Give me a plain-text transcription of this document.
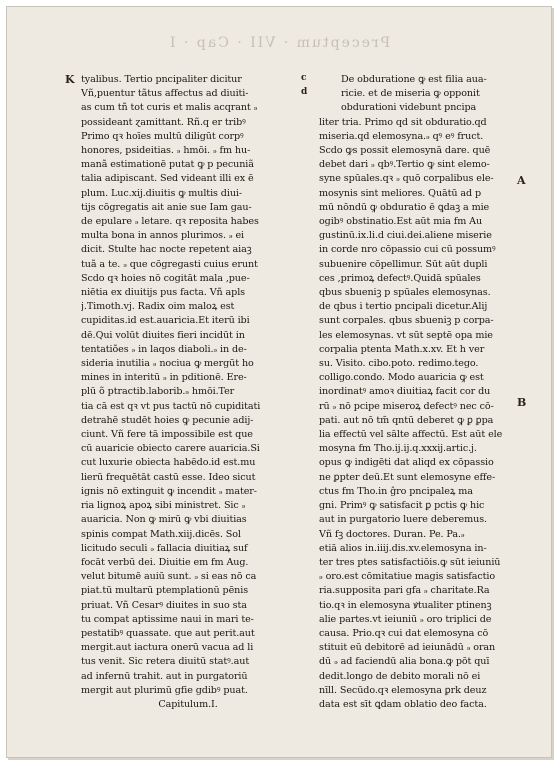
Preceptum · VII · Cap · I
K	c
d
A
B

tyalibus. Tertio pncipaliter dicitur

Vñ,puentur tãtus affectus ad diuiti-

as cum tñ tot curis et malis acqrant ₔ

possideant ɀamittant. Rñ.q er tribꝰ

Primo qꝛ hoīes multū diligūt corpꝰ

honores, psideitias. ₔ hmōi. ₔ fm hu-

manã estimationē putat ꝙ p pecuniã

talia adipiscant. Sed videant illi ex ē

plum. Luc.xij.diuitis ꝙ multis diui-

tijs cōgregatis ait anie sue Iam gau-

de epulare ₔ letare. qꝛ reposita habes

multa bona in annos plurimos. ₔ ei

dicit. Stulte hac nocte repetent aiaꝫ

tuã a te. ₔ que cōgregasti cuius erunt

Scdo qꝛ hoies nō cogitāt mala ,pue-

niētia ex diuitijs pus facta. Vñ apls

j.Timoth.vj. Radix oim maloꝝ est

cupiditas.id est.auaricia.Et iterū ibi

dē.Qui volūt diuites fieri incidūt in

tentatiões ₔ in laqos diaboli.ₔ in de-

sideria inutilia ₔ nociua ꝙ mergūt ho

mines in interitū ₔ in pditionē. Ere-

plū õ ptractib.laborib.ₔ hmōi.Ter

tia cā est qꝛ vt pus tactū nō cupiditati

detrahē studēt hoies ꝙ pecunie adij-

ciunt. Vñ fere tā impossibile est que

cū auaricie obiecto carere auaricia.Si

cut luxurie obiecta habēdo.id est.mu

lierū frequētāt castū esse. Ideo sicut

ignis nō extinguit ꝙ incendit ₔ mater-

ria lignoꝝ apoꝝ sibi ministret. Sic ₔ

auaricia. Non ꝙ mirū ꝙ vbi diuitias

spinis compat Math.xiij.dicēs. Sol

licitudo seculi ₔ fallacia diuitiaꝝ suf

focāt verbū dei. Diuitie em fm Aug.

velut bitumē auiū sunt. ₔ si eas nō ca

piat.tū multarū ptemplationū pēnis

priuat. Vñ Cesarꝰ diuites in suo sta

tu compat aptissime naui in mari te-

pestatibꝰ quassate. que aut perit.aut

mergit.aut iactura onerū vacua ad li

tus venit. Sic retera diuitū statꝰ.aut

ad infernū trahit. aut in purgatoriū

mergit aut plurimū gfie gdibꝰ puat.

Capitulum.I.

De obduratione ꝙ est filia aua-

ricie. et de miseria ꝙ opponit

obdurationi videbunt pncipa

liter tria. Primo qd sit obduratio.qd

miseria.qd elemosyna.ₔ qꝰ eꝰ fruct.

Scdo ꝙs possit elemosynā dare. quē

debet dari ₔ qbꝰ.Tertio ꝙ sint elemo-

syne spūales.qꝛ ₔ quō corpalibus ele-

mosynis sint meliores. Quātū ad p

mū nōndū ꝙ obduratio ē ꝗdaꝫ a mie

ogibꝰ obstinatio.Est aūt mia fm Au

gustinū.ix.li.d ciui.dei.aliene miserie

in corde nro cōpassio cui cū possumꝰ

subuenire cōpellimur. Sūt aūt dupli

ces ,primoꝝ defectꝰ.Quidā spūales

qbus sbueniꝫ p spūales elemosynas.

de qbus i tertio pncipali dicetur.Alij

sunt corpales. qbus sbueniꝫ p corpa-

les elemosynas. vt sūt septē opa mie

corpalia ptenta Math.x.xv. Et h ver

su. Visito. cibo.poto. redimo.tego.

colligo.condo. Modo auaricia ꝙ est

inordinatꝰ amoꝛ diuitiaꝝ facit cor du

rū ₔ nō pcipe miseroꝝ defectꝰ nec cō-

pati. aut nō tm̄ qntū deberet ꝙ ꝑ ꝑpa

lia effectū vel sālte affectū. Est aūt ele

mosyna fm Tho.ij.ij.q.xxxij.artic.j.

opus ꝙ indigēti dat aliqd ex cōpassio

ne ꝑpter deū.Et sunt elemosyne effe-

ctus fm Tho.in ĝro pncipaleꝝ ma

gni. Primꝰ ꝙ satisfacit ꝑ pctis ꝙ hic

aut in purgatorio luere deberemus.

Vñ fꝫ doctores. Duran. Pe. Pa.ₔ

etiā alios in.iiij.dis.xv.elemosyna in-

ter tres ptes satisfactiōis.ꝙ sūt ieiuniū

ₔ oro.est cōmitatiue magis satisfactio

ria.supposita pari gfa ₔ charitate.Ra

tio.qꝛ in elemosyna ꝟtualiter ptinenꝫ

alie partes.vt ieiuniū ₔ oro triplici de

causa. Prio.qꝛ cui dat elemosyna cō

stituit eū debitorē ad ieiunādū ₔ oran

dū ₔ ad faciendū alia bona.ꝙ pōt quī

dedit.longo de debito morali nō ei

nīll. Secūdo.qꝛ elemosyna ꝑrk deuz

data est sīt ꝗdam oblatio deo facta.
